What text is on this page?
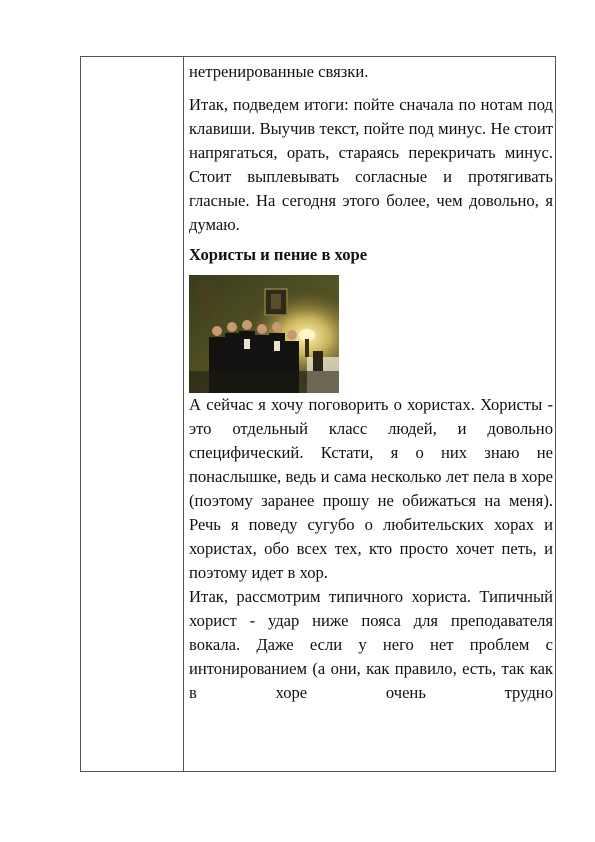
нетренированные связки.

Итак, подведем итоги: пойте сначала по нотам под клавиши. Выучив текст, пойте под минус. Не стоит напрягаться, орать, стараясь перекричать минус. Стоит выплевывать согласные и протягивать гласные. На сегодня этого более, чем довольно, я думаю.

Хористы и пение в хоре

А сейчас я хочу поговорить о хористах. Хористы - это отдельный класс людей, и довольно специфический. Кстати, я о них знаю не понаслышке, ведь и сама несколько лет пела в хоре (поэтому заранее прошу не обижаться на меня). Речь я поведу сугубо о любительских хорах и хористах, обо всех тех, кто просто хочет петь, и поэтому идет в хор.

Итак, рассмотрим типичного хориста. Типичный хорист - удар ниже пояса для преподавателя вокала. Даже если у него нет проблем с интонированием (а они, как правило, есть, так как в хоре очень трудно
